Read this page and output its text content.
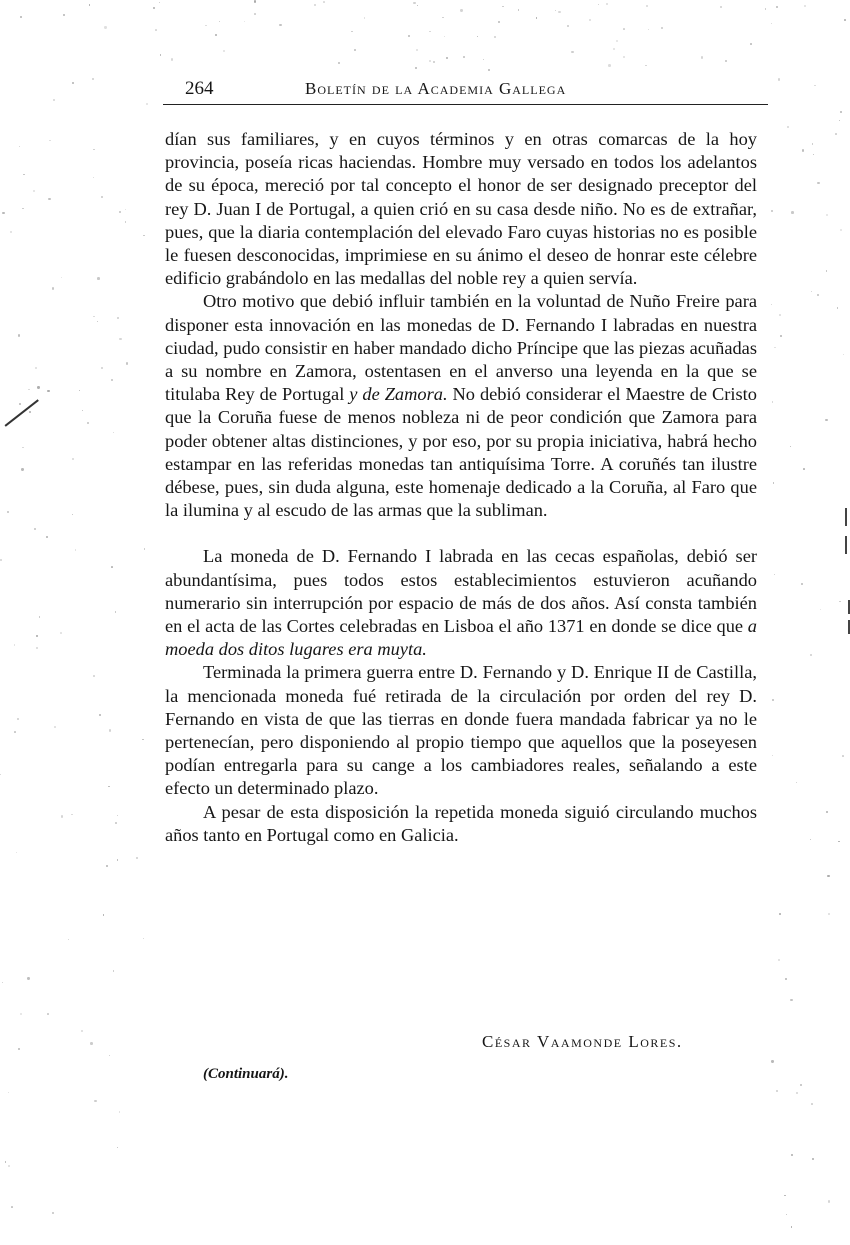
264	Boletín de la Academia Gallega

dían sus familiares, y en cuyos términos y en otras comarcas de la hoy provincia, poseía ricas haciendas. Hombre muy versado en todos los adelantos de su época, mereció por tal concepto el honor de ser designado preceptor del rey D. Juan I de Portugal, a quien crió en su casa desde niño. No es de extrañar, pues, que la diaria contemplación del elevado Faro cuyas historias no es posible le fuesen desconocidas, imprimiese en su ánimo el deseo de honrar este célebre edificio grabándolo en las medallas del noble rey a quien servía.

Otro motivo que debió influir también en la voluntad de Nuño Freire para disponer esta innovación en las monedas de D. Fernando I labradas en nuestra ciudad, pudo consistir en haber mandado dicho Príncipe que las piezas acuñadas a su nombre en Zamora, ostentasen en el anverso una leyenda en la que se titulaba Rey de Portugal y de Zamora. No debió considerar el Maestre de Cristo que la Coruña fuese de menos nobleza ni de peor condición que Zamora para poder obtener altas distinciones, y por eso, por su propia iniciativa, habrá hecho estampar en las referidas monedas tan antiquísima Torre. A coruñés tan ilustre débese, pues, sin duda alguna, este homenaje dedicado a la Coruña, al Faro que la ilumina y al escudo de las armas que la subliman.

La moneda de D. Fernando I labrada en las cecas españolas, debió ser abundantísima, pues todos estos establecimientos estuvieron acuñando numerario sin interrupción por espacio de más de dos años. Así consta también en el acta de las Cortes celebradas en Lisboa el año 1371 en donde se dice que a moeda dos ditos lugares era muyta.

Terminada la primera guerra entre D. Fernando y D. Enrique II de Castilla, la mencionada moneda fué retirada de la circulación por orden del rey D. Fernando en vista de que las tierras en donde fuera mandada fabricar ya no le pertenecían, pero disponiendo al propio tiempo que aquellos que la poseyesen podían entregarla para su cange a los cambiadores reales, señalando a este efecto un determinado plazo.

A pesar de esta disposición la repetida moneda siguió circulando muchos años tanto en Portugal como en Galicia.

César Vaamonde Lores.
(Continuará).
